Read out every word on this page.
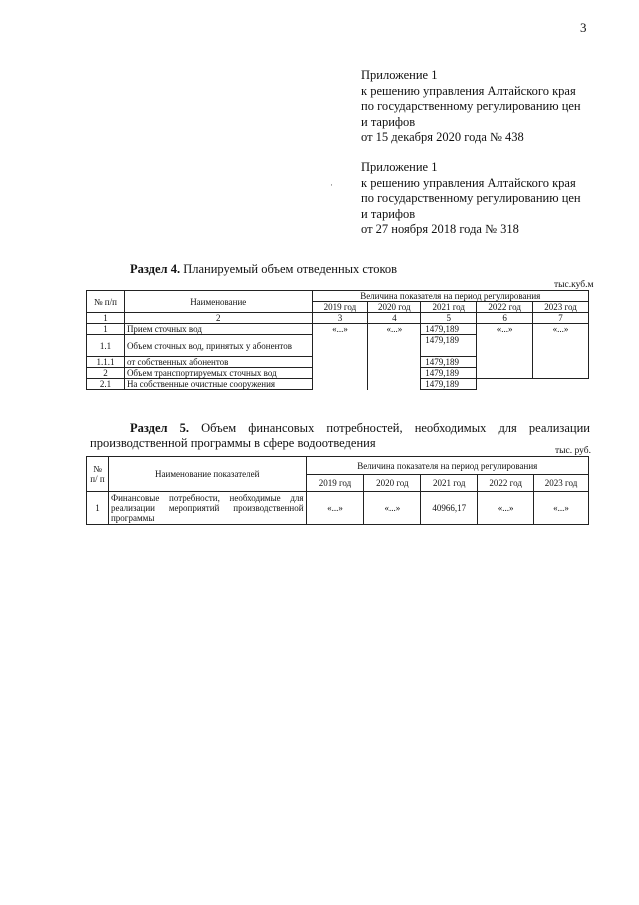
3
Приложение 1
к решению управления Алтайского края
по государственному регулированию цен
и тарифов
от 15 декабря 2020 года № 438
·
Приложение 1
к решению управления Алтайского края
по государственному регулированию цен
и тарифов
от 27 ноября 2018 года № 318
Раздел 4. Планируемый объем отведенных стоков
тыс.куб.м
№ п/п	Наименование	Величина показателя на период регулирования				
		2019 год	2020 год	2021 год	2022 год	2023 год
1	2	3	4	5	6	7
1	Прием сточных вод	«...»	«...»	1479,189	«...»	«...»
1.1	Объем сточных вод, принятых у абонентов			1479,189		
1.1.1	от собственных абонентов			1479,189		
2	Объем транспортируемых сточных вод			1479,189		
2.1	На собственные очистные сооружения			1479,189		
Раздел 5. Объем финансовых потребностей, необходимых для реализации
производственной программы в сфере водоотведения
тыс. руб.
№ п/ п	Наименование показателей	Величина показателя на период регулирования				
		2019 год	2020 год	2021 год	2022 год	2023 год
1	Финансовые потребности, необходимые для реализации мероприятий производственной программы	«...»	«...»	40966,17	«...»	«...»
